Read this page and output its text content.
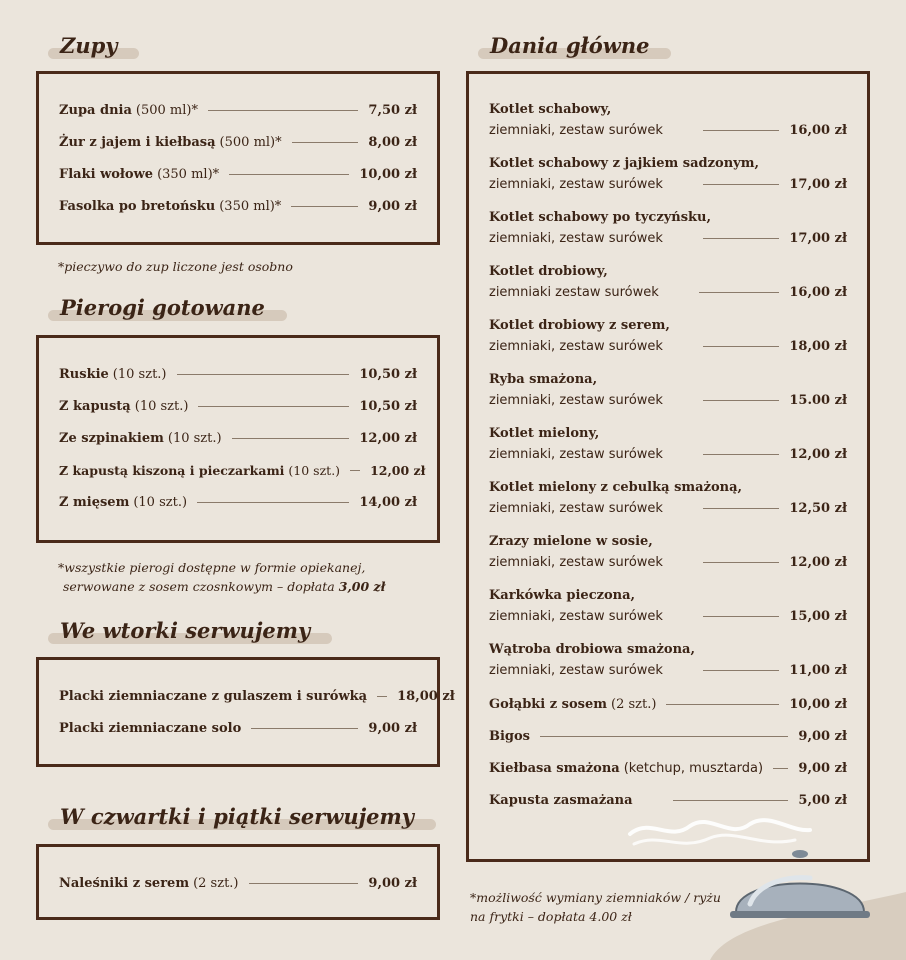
Zupy
Zupa dnia (500 ml)*	7,50 zł
Żur z jajem i kiełbasą (500 ml)*	8,00 zł
Flaki wołowe (350 ml)*	10,00 zł
Fasolka po bretońsku (350 ml)*	9,00 zł
*pieczywo do zup liczone jest osobno
Pierogi gotowane
Ruskie (10 szt.)	10,50 zł
Z kapustą (10 szt.)	10,50 zł
Ze szpinakiem (10 szt.)	12,00 zł
Z kapustą kiszoną i pieczarkami (10 szt.) 12,00 zł
Z mięsem (10 szt.)	14,00 zł
*wszystkie pierogi dostępne w formie opiekanej,
serwowane z sosem czosnkowym – dopłata 3,00 zł
We wtorki serwujemy
Placki ziemniaczane z gulaszem i surówką 18,00 zł
Placki ziemniaczane solo	9,00 zł
W czwartki i piątki serwujemy
Naleśniki z serem (2 szt.)	9,00 zł
Dania główne
Kotlet schabowy,
ziemniaki, zestaw surówek	16,00 zł
Kotlet schabowy z jajkiem sadzonym,
ziemniaki, zestaw surówek	17,00 zł
Kotlet schabowy po tyczyńsku,
ziemniaki, zestaw surówek	17,00 zł
Kotlet drobiowy,
ziemniaki zestaw surówek	16,00 zł
Kotlet drobiowy z serem,
ziemniaki, zestaw surówek	18,00 zł
Ryba smażona,
ziemniaki, zestaw surówek	15.00 zł
Kotlet mielony,
ziemniaki, zestaw surówek	12,00 zł
Kotlet mielony z cebulką smażoną,
ziemniaki, zestaw surówek	12,50 zł
Zrazy mielone w sosie,
ziemniaki, zestaw surówek	12,00 zł
Karkówka pieczona,
ziemniaki, zestaw surówek	15,00 zł
Wątroba drobiowa smażona,
ziemniaki, zestaw surówek	11,00 zł
Gołąbki z sosem (2 szt.)	10,00 zł
Bigos	9,00 zł
Kiełbasa smażona (ketchup, musztarda)	9,00 zł
Kapusta zasmażana	5,00 zł
*możliwość wymiany ziemniaków / ryżu
na frytki – dopłata 4.00 zł
